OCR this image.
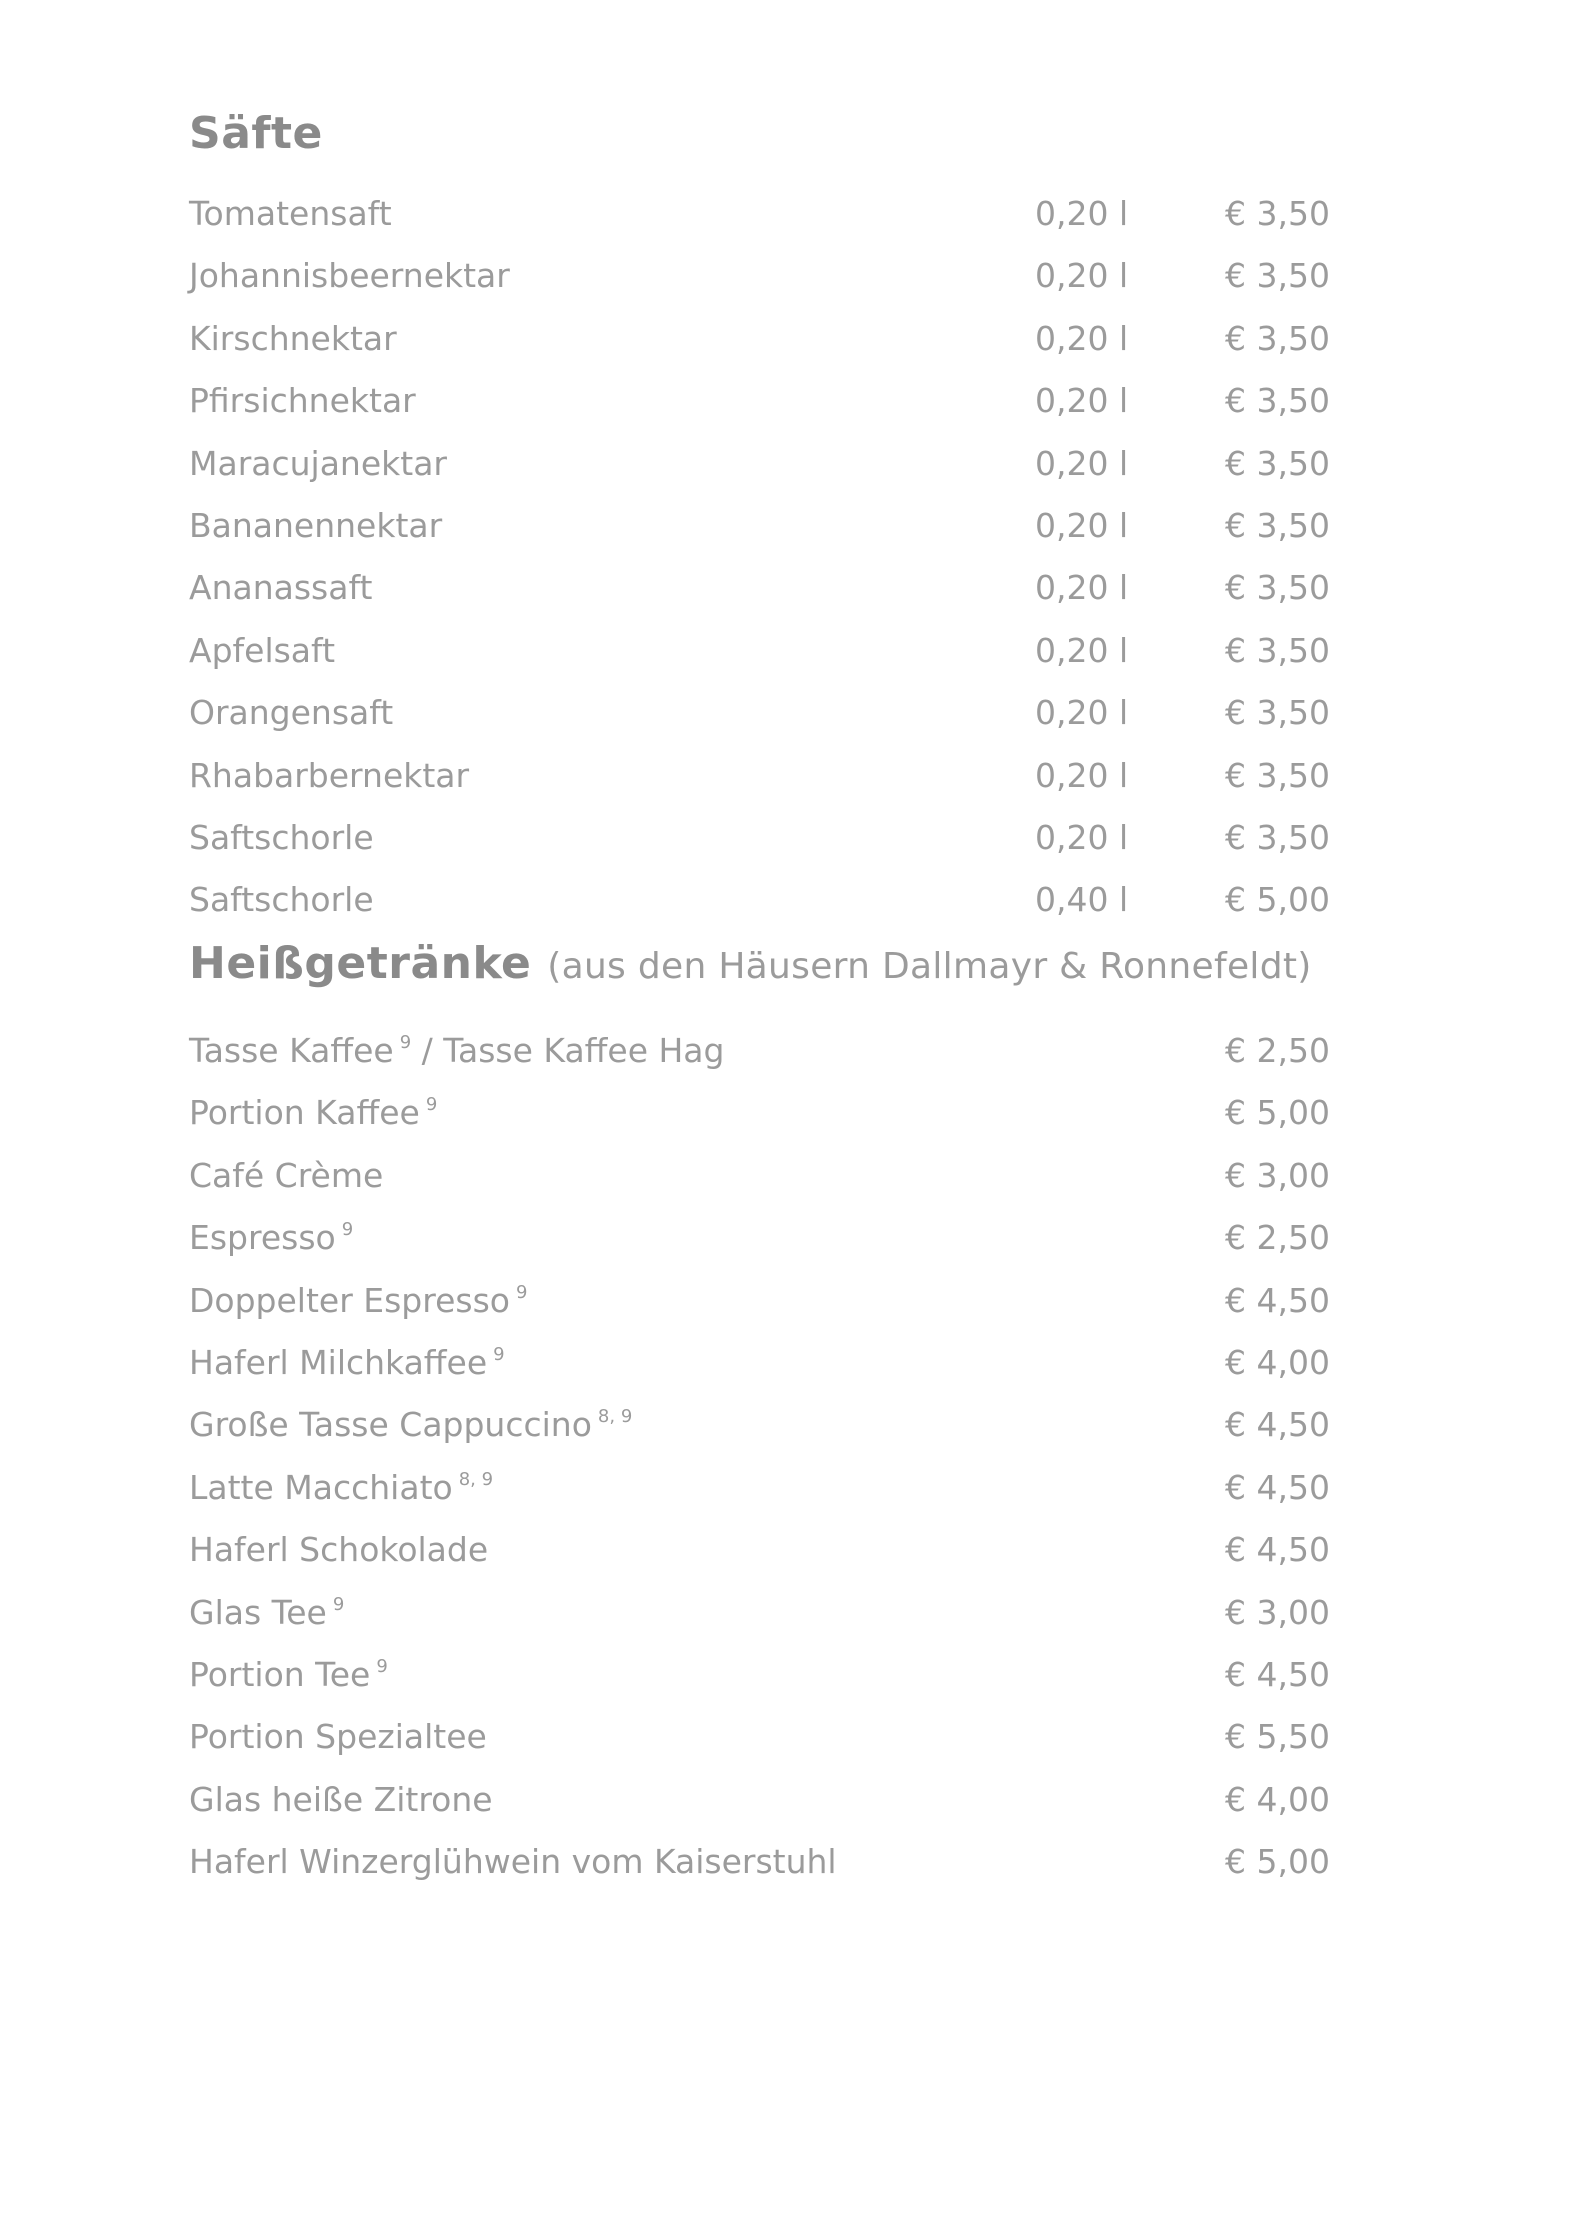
Säfte
Tomatensaft	0,20 l	€ 3,50
Johannisbeernektar	0,20 l	€ 3,50
Kirschnektar	0,20 l	€ 3,50
Pfirsichnektar	0,20 l	€ 3,50
Maracujanektar	0,20 l	€ 3,50
Bananennektar	0,20 l	€ 3,50
Ananassaft	0,20 l	€ 3,50
Apfelsaft	0,20 l	€ 3,50
Orangensaft	0,20 l	€ 3,50
Rhabarbernektar	0,20 l	€ 3,50
Saftschorle	0,20 l	€ 3,50
Saftschorle	0,40 l	€ 5,00
Heißgetränke (aus den Häusern Dallmayr & Ronnefeldt)
Tasse Kaffee $^9$ / Tasse Kaffee Hag	€ 2,50
Portion Kaffee $^9$	€ 5,00
Café Crème	€ 3,00
Espresso $^9$	€ 2,50
Doppelter Espresso $^9$	€ 4,50
Haferl Milchkaffee $^9$	€ 4,00
Große Tasse Cappuccino $^{8, 9}$	€ 4,50
Latte Macchiato $^{8, 9}$	€ 4,50
Haferl Schokolade	€ 4,50
Glas Tee $^9$	€ 3,00
Portion Tee $^9$	€ 4,50
Portion Spezialtee	€ 5,50
Glas heiße Zitrone	€ 4,00
Haferl Winzerglühwein vom Kaiserstuhl	€ 5,00
